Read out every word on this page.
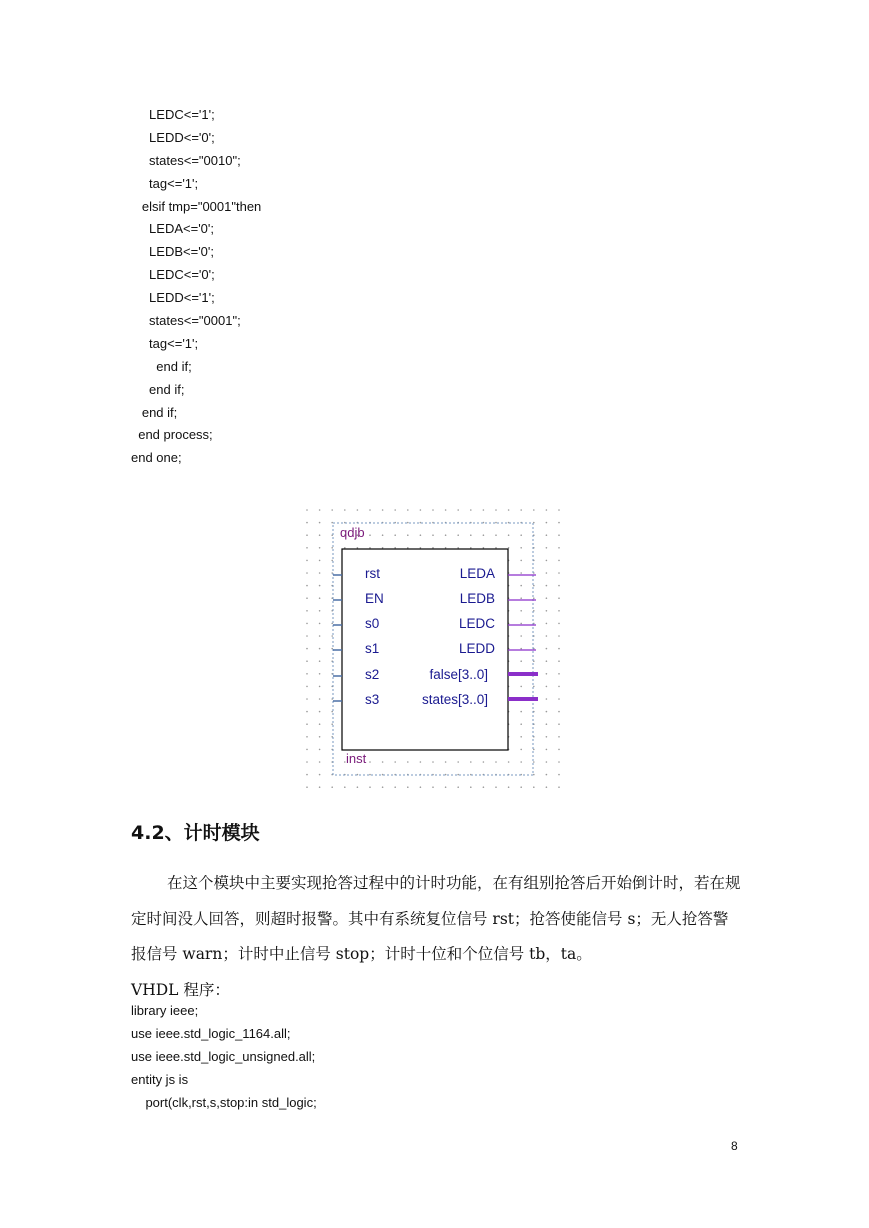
LEDC<='1';
LEDD<='0';
states<="0010";
tag<='1';
elsif tmp="0001"then
LEDA<='0';
LEDB<='0';
LEDC<='0';
LEDD<='1';
states<="0001";
tag<='1';
end if;
end if;
end if;
end process;
end one;
qdjb
rst
EN
s0
s1
s2
s3
LEDA
LEDB
LEDC
LEDD
false[3..0]
states[3..0]
inst
4.2、计时模块
在这个模块中主要实现抢答过程中的计时功能，在有组别抢答后开始倒计时，若在规定时间没人回答，则超时报警。其中有系统复位信号 rst；抢答使能信号 s；无人抢答警报信号 warn；计时中止信号 stop；计时十位和个位信号 tb，ta。
VHDL 程序：
library ieee;
use ieee.std_logic_1164.all;
use ieee.std_logic_unsigned.all;
entity js is
port(clk,rst,s,stop:in std_logic;
8
